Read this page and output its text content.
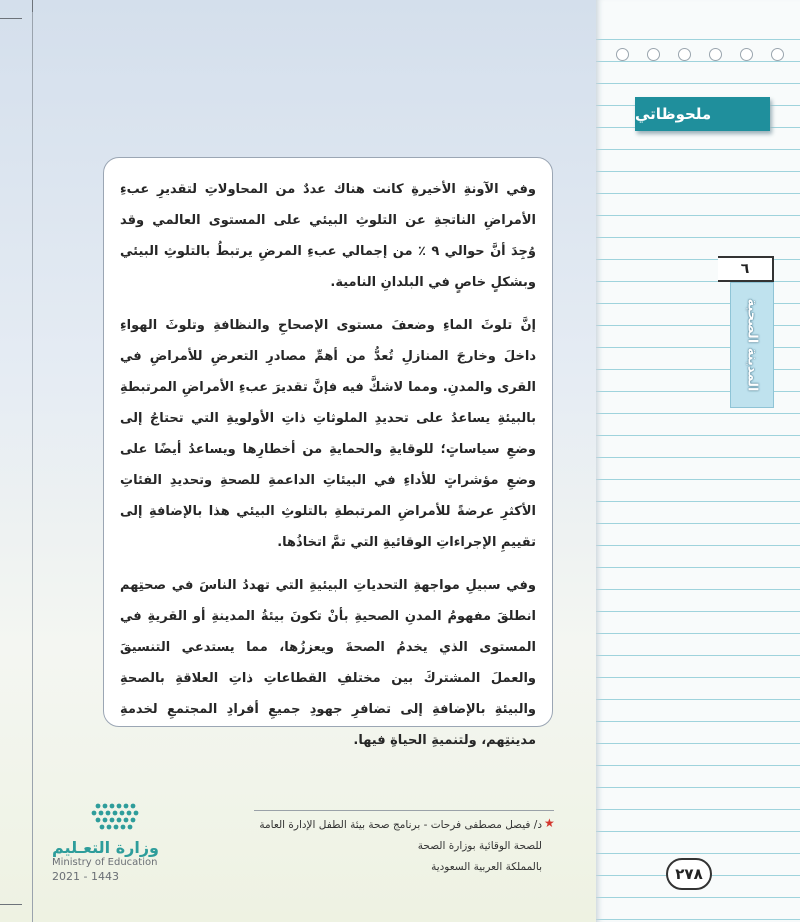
ملحوظاتي
٦
المدينة الصحية

وفي الآونةِ الأخيرةِ كانت هناك عددٌ من المحاولاتِ لتقديرِ عبءِ الأمراضِ الناتجةِ عن التلوثِ البيئي على المستوى العالمي وقد وُجِدَ أنَّ حوالي ٩ ٪ من إجمالي عبءِ المرضِ يرتبطُ بالتلوثِ البيئي وبشكلٍ خاصٍ في البلدانِ النامية.

إنَّ تلوثَ الماءِ وضعفَ مستوى الإصحاحِ والنظافةِ وتلوثَ الهواءِ داخلَ وخارجَ المنازلِ تُعدُّ من أهمِّ مصادرِ التعرضِ للأمراضِ في القرى والمدنِ. ومما لاشكَّ فيه فإنَّ تقديرَ عبءِ الأمراضِ المرتبطةِ بالبيئةِ يساعدُ على تحديدِ الملوثاتِ ذاتِ الأولويةِ التي تحتاجُ إلى وضعِ سياساتٍ؛ للوقايةِ والحمايةِ من أخطارِها ويساعدُ أيضًا على وضعِ مؤشراتٍ للأداءِ في البيئاتِ الداعمةِ للصحةِ وتحديدِ الفئاتِ الأكثرِ عرضةً للأمراضِ المرتبطةِ بالتلوثِ البيئي هذا بالإضافةِ إلى تقييمِ الإجراءاتِ الوقائيةِ التي تمَّ اتخاذُها.

وفي سبيلِ مواجهةِ التحدياتِ البيئيةِ التي تهددُ الناسَ في صحتِهم انطلقَ مفهومُ المدنِ الصحيةِ بأنْ تكونَ بيئةُ المدينةِ أو القريةِ في المستوى الذي يخدمُ الصحةَ ويعززُها، مما يستدعي التنسيقَ والعملَ المشتركَ بين مختلفِ القطاعاتِ ذاتِ العلاقةِ بالصحةِ والبيئةِ بالإضافةِ إلى تضافرِ جهودِ جميعِ أفرادِ المجتمعِ لخدمةِ مدينتِهم، ولتنميةِ الحياةِ فيها.

★
د/ فيصل مصطفى فرحات - برنامج صحة بيئة الطفل الإدارة العامة للصحة الوقائية بوزارة الصحة
بالمملكة العربية السعودية
وزارة التعـليم
Ministry of Education
2021 - 1443	٢٧٨
